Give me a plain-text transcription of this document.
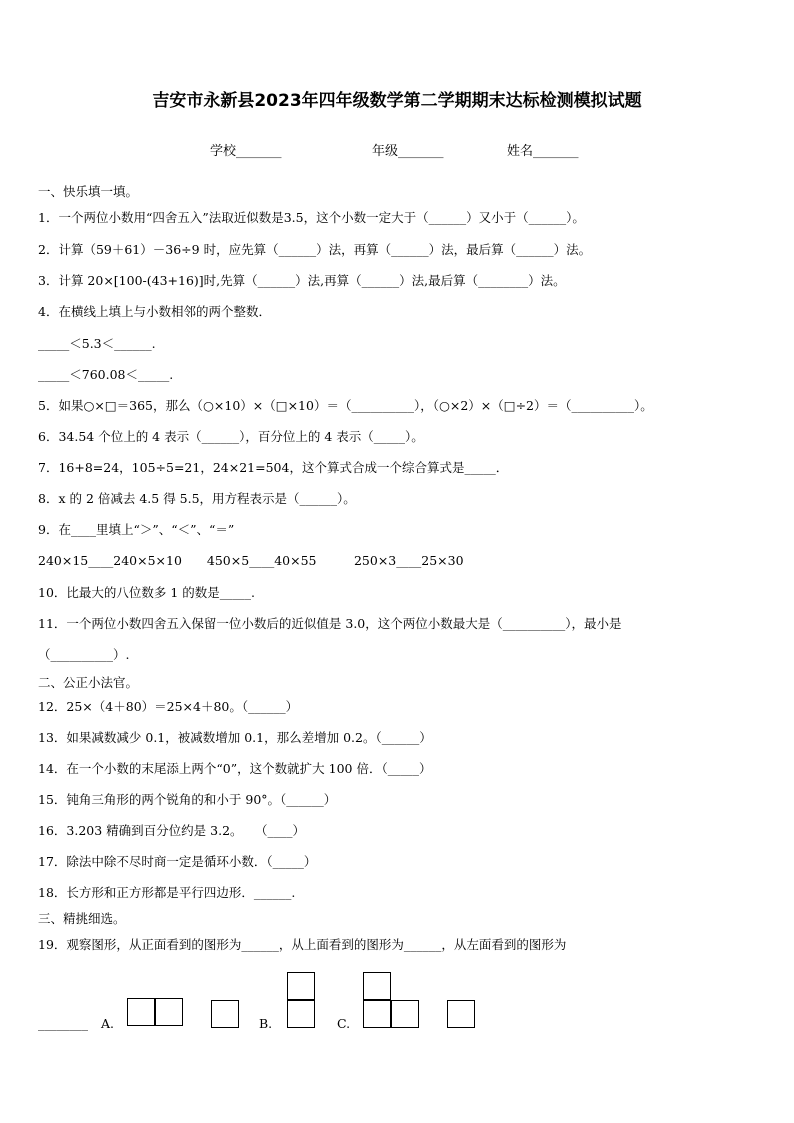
吉安市永新县2023年四年级数学第二学期期末达标检测模拟试题
学校_______	年级_______	姓名_______
一、快乐填一填。
1．一个两位小数用“四舍五入”法取近似数是3.5，这个小数一定大于（______）又小于（______）。
2．计算（59＋61）－36÷9 时，应先算（______）法，再算（______）法，最后算（______）法。
3．计算 20×[100-(43+16)]时,先算（______）法,再算（______）法,最后算（________）法。
4．在横线上填上与小数相邻的两个整数．
_____＜5.3＜______.
_____＜760.08＜_____.
5．如果○×□＝365，那么（○×10）×（□×10）＝（__________），（○×2）×（□÷2）＝（__________）。
6．34.54 个位上的 4 表示（______），百分位上的 4 表示（_____）。
7．16+8=24，105÷5=21，24×21=504，这个算式合成一个综合算式是_____．
8．x 的 2 倍减去 4.5 得 5.5，用方程表示是（______）。
9．在____里填上“＞”、“＜”、“＝”
240×15____240×5×10　　450×5____40×55　　　250×3____25×30
10．比最大的八位数多 1 的数是_____.
11．一个两位小数四舍五入保留一位小数后的近似值是 3.0，这个两位小数最大是（__________），最小是
（__________）.
二、公正小法官。
12．25×（4＋80）＝25×4＋80。（______）
13．如果减数减少 0.1，被减数增加 0.1，那么差增加 0.2。（______）
14．在一个小数的末尾添上两个“0”，这个数就扩大 100 倍．（_____）
15．钝角三角形的两个锐角的和小于 90°。（______）
16．3.203 精确到百分位约是 3.2。　　（____）
17．除法中除不尽时商一定是循环小数．（_____）
18．长方形和正方形都是平行四边形．______.
三、精挑细选。
19．观察图形，从正面看到的图形为______，从上面看到的图形为______，从左面看到的图形为
________ A.	B.	C.
